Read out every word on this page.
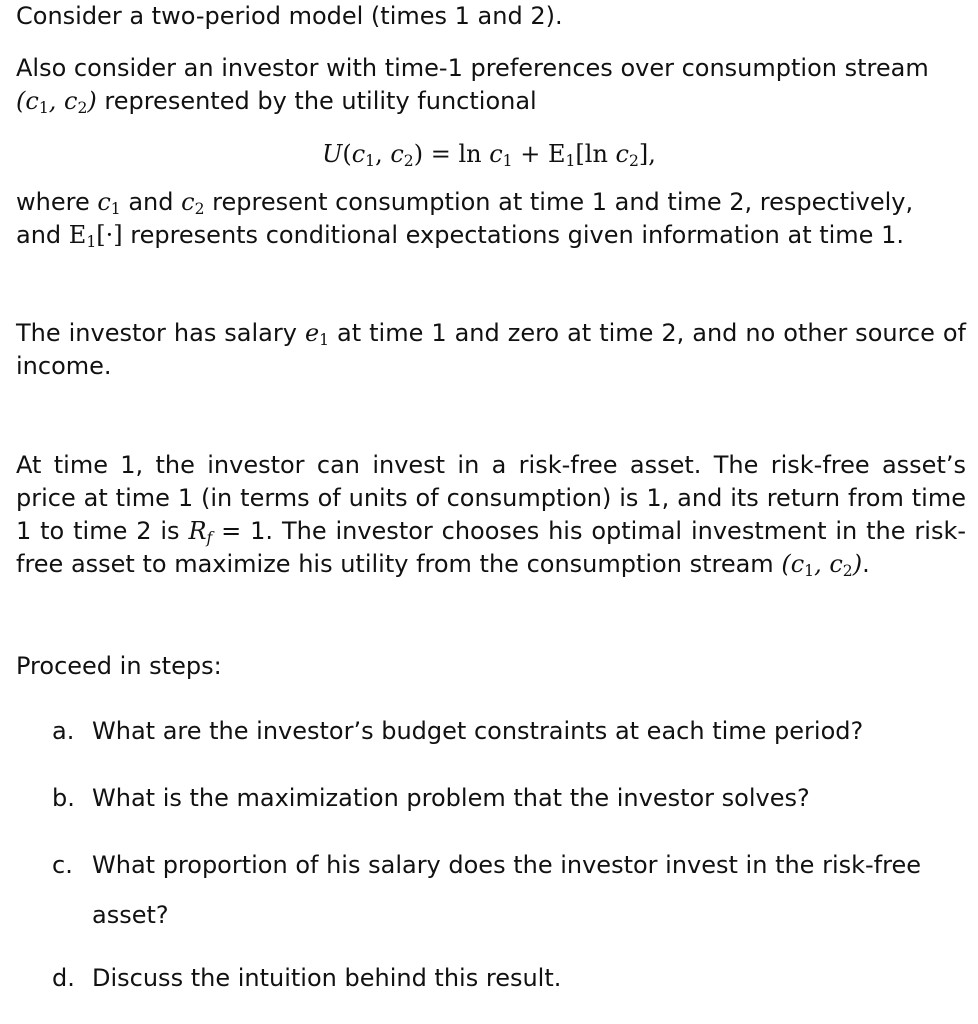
Consider a two-period model (times 1 and 2).

Also consider an investor with time-1 preferences over consumption stream
($c_1$, $c_2$) represented by the utility functional

$U(c_1$, $c_2) = \ln c_1 + E_1[\ln$ $c_2$],

where $c_1$ and $c_2$ represent consumption at time 1 and time 2, respectively,
and $E_1[\cdot]$ represents conditional expectations given information at time 1.

The investor has salary $e_1$ at time 1 and zero at time 2, and no other source of income.

At time 1, the investor can invest in a risk-free asset. The risk-free asset’s price at time 1 (in terms of units of consumption) is 1, and its return from time 1 to time 2 is $R_f = 1$. The investor chooses his optimal investment in the risk-free asset to maximize his utility from the consumption stream ($c_1$, $c_2$).

Proceed in steps:

a. What are the investor’s budget constraints at each time period?

b. What is the maximization problem that the investor solves?

c. What proportion of his salary does the investor invest in the risk-free

asset?

d. Discuss the intuition behind this result.
